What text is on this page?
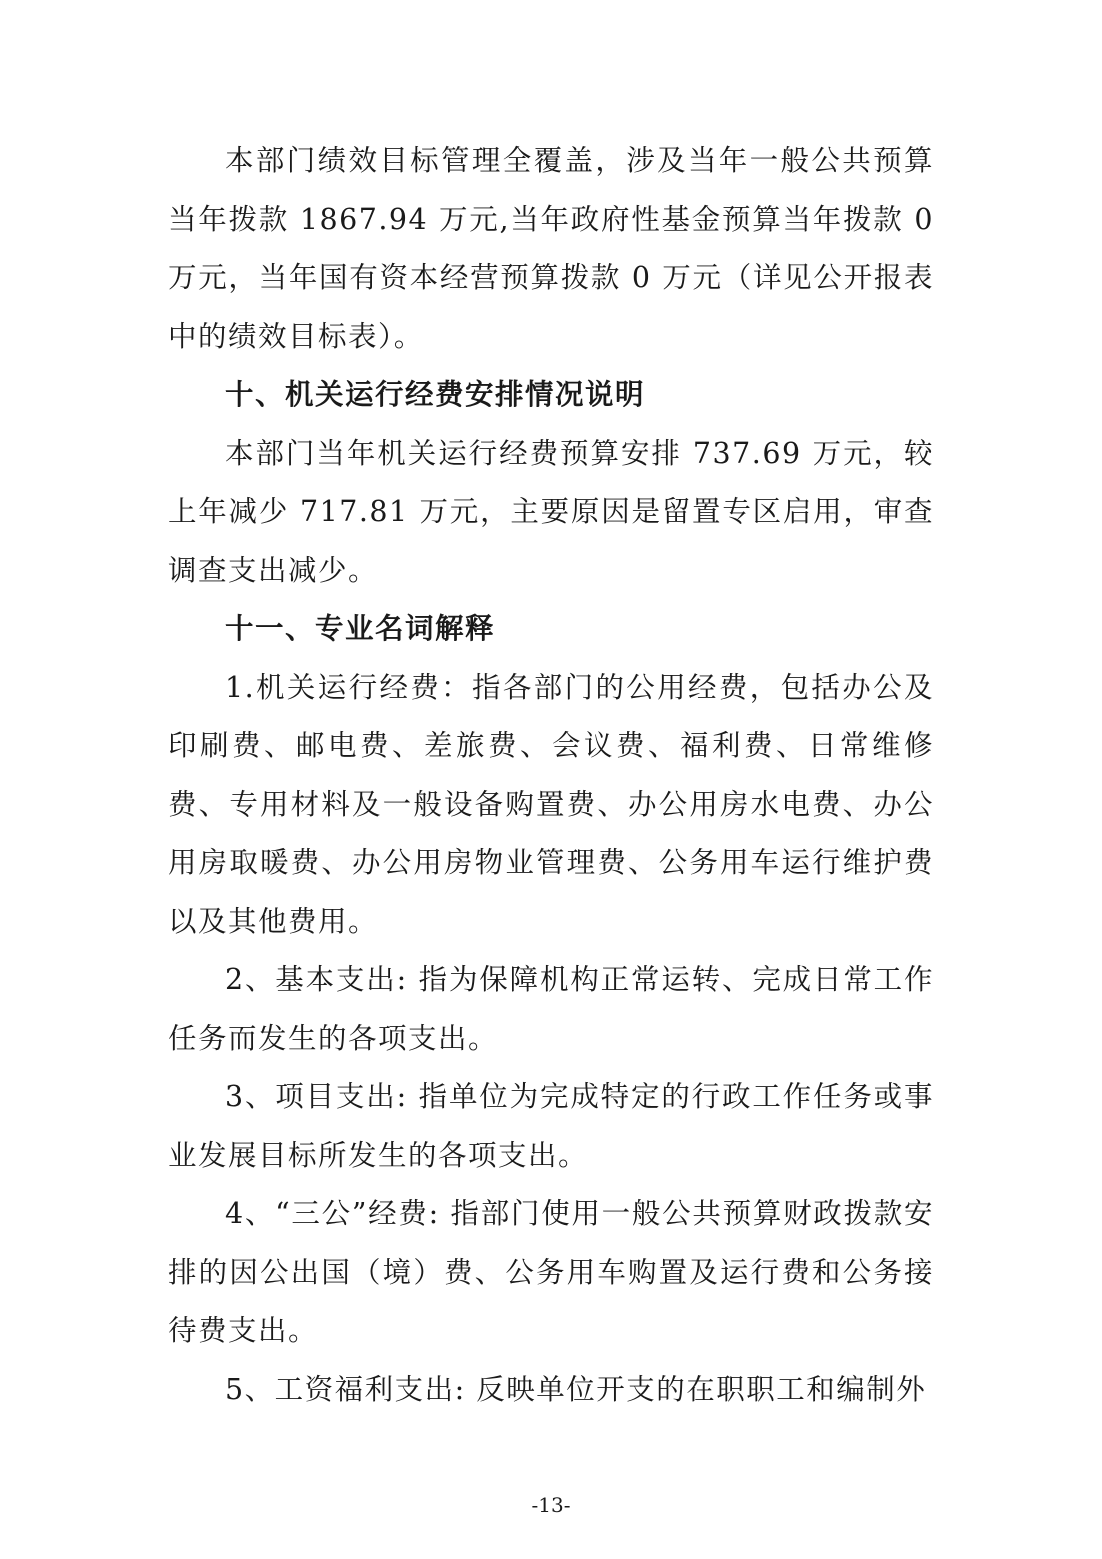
本部门绩效目标管理全覆盖，涉及当年一般公共预算当年拨款 1867.94 万元,当年政府性基金预算当年拨款 0 万元，当年国有资本经营预算拨款 0 万元（详见公开报表中的绩效目标表）。

十、机关运行经费安排情况说明

本部门当年机关运行经费预算安排 737.69 万元，较上年减少 717.81 万元，主要原因是留置专区启用，审查调查支出减少。

十一、专业名词解释

1.机关运行经费：指各部门的公用经费，包括办公及印刷费、邮电费、差旅费、会议费、福利费、日常维修费、专用材料及一般设备购置费、办公用房水电费、办公用房取暖费、办公用房物业管理费、公务用车运行维护费以及其他费用。

2、基本支出: 指为保障机构正常运转、完成日常工作任务而发生的各项支出。

3、项目支出: 指单位为完成特定的行政工作任务或事业发展目标所发生的各项支出。

4、“三公”经费: 指部门使用一般公共预算财政拨款安排的因公出国（境）费、公务用车购置及运行费和公务接待费支出。

5、工资福利支出: 反映单位开支的在职职工和编制外

-13-
